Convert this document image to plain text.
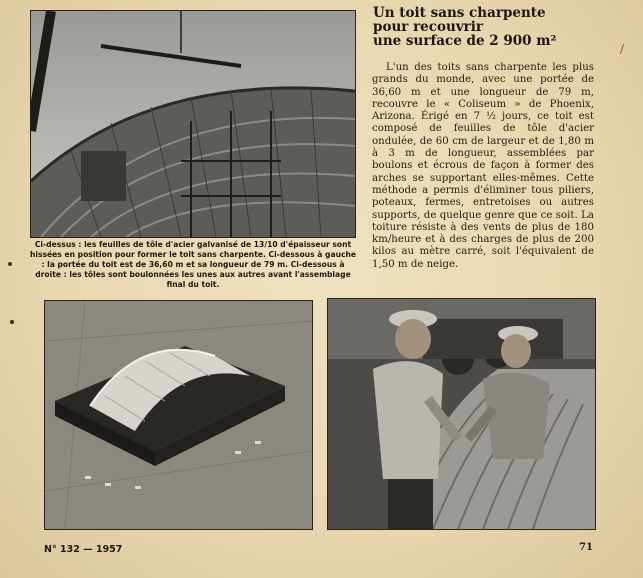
Ci-dessus : les feuilles de tôle d'acier galvanisé de 13/10 d'épaisseur sont hissées en position pour former le toit sans charpente. Ci-dessous à gauche : la portée du toit est de 36,60 m et sa longueur de 79 m. Ci-dessous à droite : les tôles sont boulonnées les unes aux autres avant l'assemblage final du toit.
Un toit sans charpente
pour recouvrir
une surface de 2 900 m²

L'un des toits sans charpente les plus grands du monde, avec une portée de 36,60 m et une longueur de 79 m, recouvre le « Coliseum » de Phoenix, Arizona. Érigé en 7 ½ jours, ce toit est composé de feuilles de tôle d'acier ondulée, de 60 cm de largeur et de 1,80 m à 3 m de longueur, assemblées par boulons et écrous de façon à former des arches se supportant elles-mêmes. Cette méthode a permis d'éliminer tous piliers, poteaux, fermes, entretoises ou autres supports, de quelque genre que ce soit. La toiture résiste à des vents de plus de 180 km/heure et à des charges de plus de 200 kilos au mètre carré, soit l'équivalent de 1,50 m de neige.

N° 132 — 1957	71
/
